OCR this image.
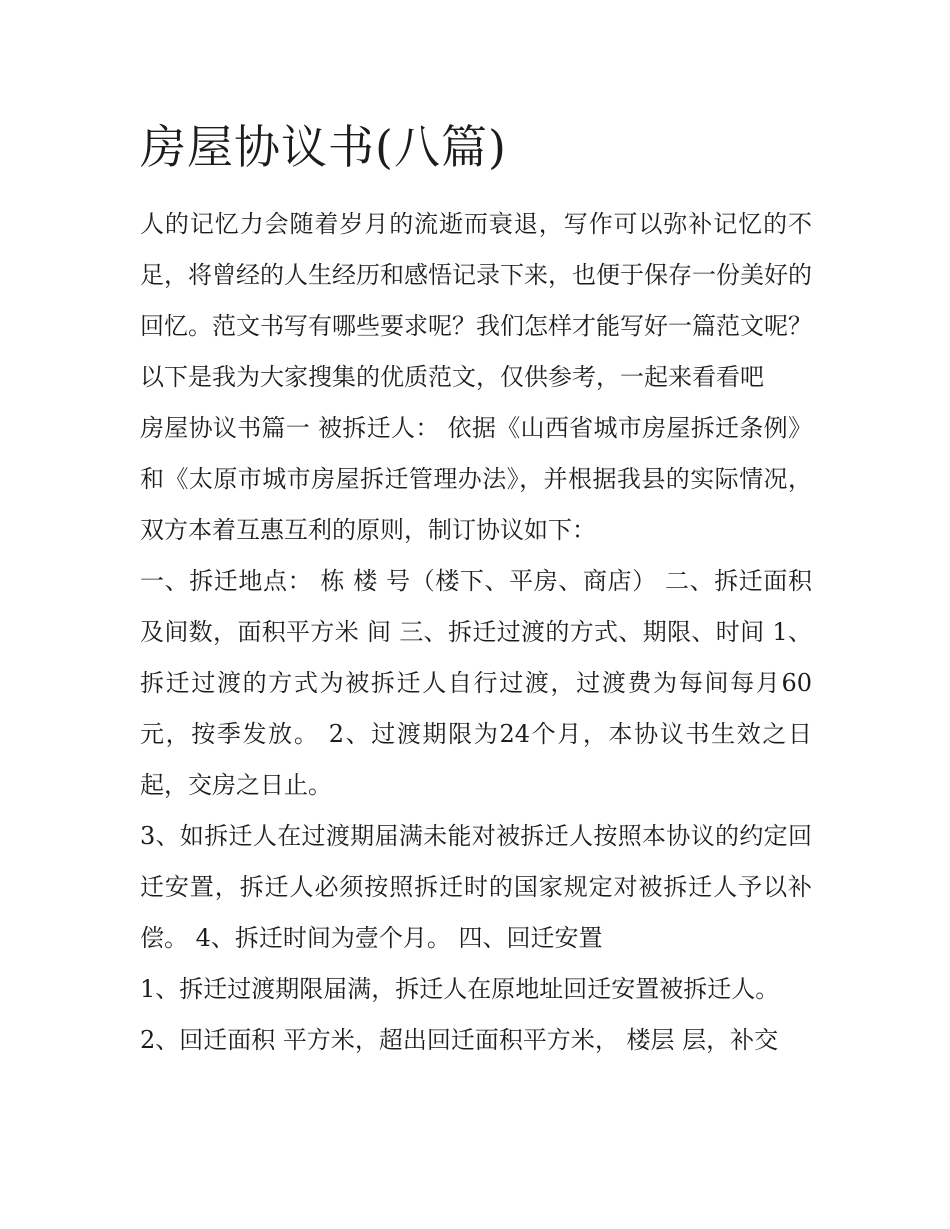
房屋协议书(八篇)

人的记忆力会随着岁月的流逝而衰退，写作可以弥补记忆的不足，将曾经的人生经历和感悟记录下来，也便于保存一份美好的回忆。范文书写有哪些要求呢？我们怎样才能写好一篇范文呢？以下是我为大家搜集的优质范文，仅供参考，一起来看看吧

房屋协议书篇一 被拆迁人： 依据《山西省城市房屋拆迁条例》和《太原市城市房屋拆迁管理办法》，并根据我县的实际情况，双方本着互惠互利的原则，制订协议如下：

一、拆迁地点： 栋 楼 号（楼下、平房、商店） 二、拆迁面积及间数，面积平方米 间 三、拆迁过渡的方式、期限、时间 1、拆迁过渡的方式为被拆迁人自行过渡，过渡费为每间每月60元，按季发放。 2、过渡期限为24个月，本协议书生效之日起，交房之日止。

3、如拆迁人在过渡期届满未能对被拆迁人按照本协议的约定回迁安置，拆迁人必须按照拆迁时的国家规定对被拆迁人予以补偿。 4、拆迁时间为壹个月。 四、回迁安置

1、拆迁过渡期限届满，拆迁人在原地址回迁安置被拆迁人。

2、回迁面积 平方米，超出回迁面积平方米， 楼层 层，补交
